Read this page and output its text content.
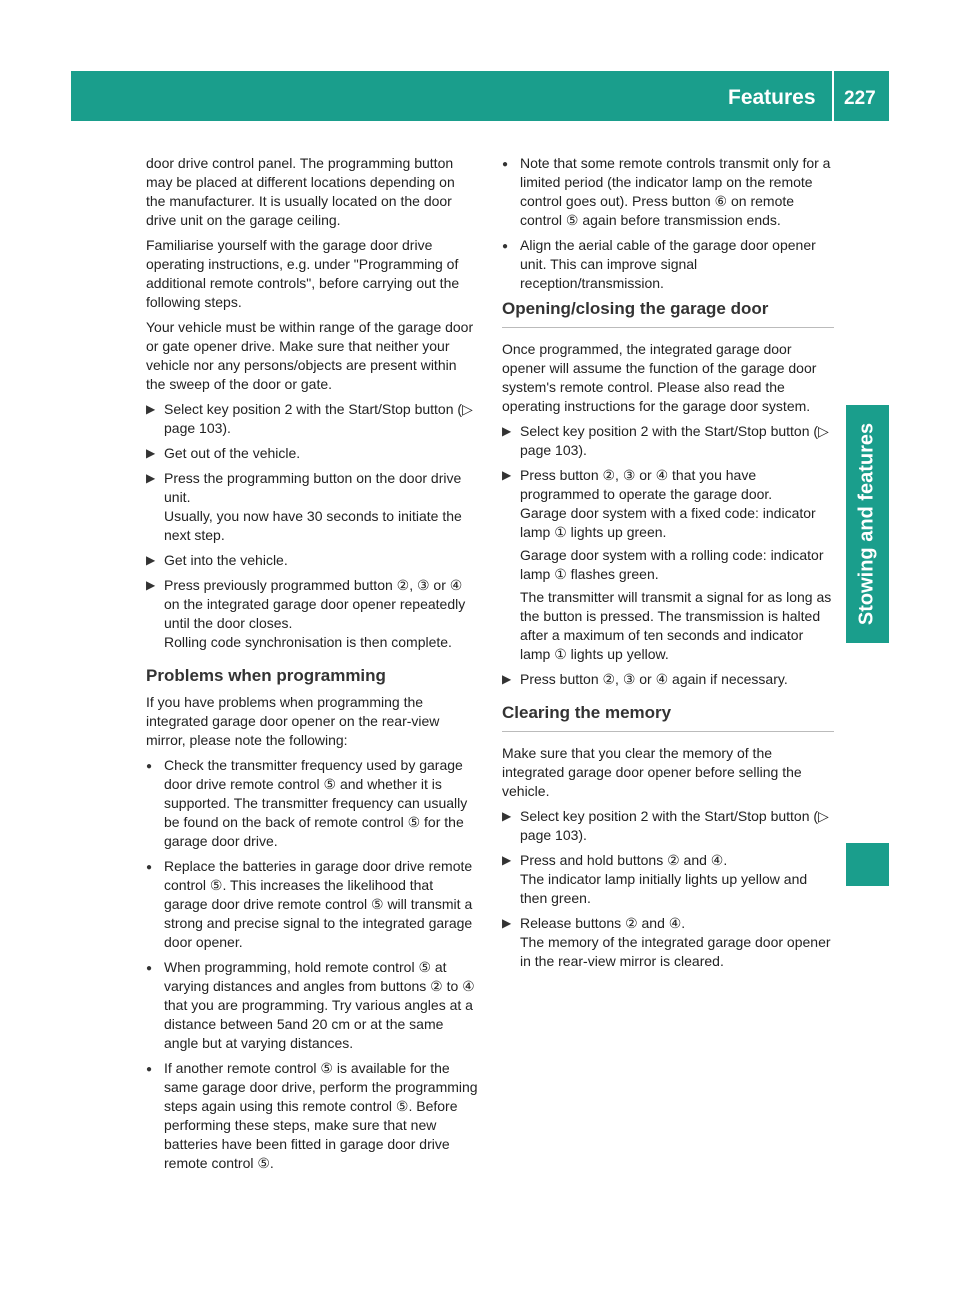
Features 227
Stowing and features

door drive control panel. The programming button may be placed at different locations depending on the manufacturer. It is usually located on the door drive unit on the garage ceiling.

Familiarise yourself with the garage door drive operating instructions, e.g. under "Programming of additional remote controls", before carrying out the following steps.

Your vehicle must be within range of the garage door or gate opener drive. Make sure that neither your vehicle nor any persons/objects are present within the sweep of the door or gate.

▶ Select key position 2 with the Start/Stop button (▷ page 103).
▶ Get out of the vehicle.
▶ Press the programming button on the door drive unit.
Usually, you now have 30 seconds to initiate the next step.
▶ Get into the vehicle.
▶ Press previously programmed button ②, ③ or ④ on the integrated garage door opener repeatedly until the door closes.
Rolling code synchronisation is then complete.
Problems when programming

If you have problems when programming the integrated garage door opener on the rear-view mirror, please note the following:

● Check the transmitter frequency used by garage door drive remote control ⑤ and whether it is supported. The transmitter frequency can usually be found on the back of remote control ⑤ for the garage door drive.
● Replace the batteries in garage door drive remote control ⑤. This increases the likelihood that garage door drive remote control ⑤ will transmit a strong and precise signal to the integrated garage door opener.
● When programming, hold remote control ⑤ at varying distances and angles from buttons ② to ④ that you are programming. Try various angles at a distance between 5and 20 cm or at the same angle but at varying distances.
● If another remote control ⑤ is available for the same garage door drive, perform the programming steps again using this remote control ⑤. Before performing these steps, make sure that new batteries have been fitted in garage door drive remote control ⑤.
● Note that some remote controls transmit only for a limited period (the indicator lamp on the remote control goes out). Press button ⑥ on remote control ⑤ again before transmission ends.
● Align the aerial cable of the garage door opener unit. This can improve signal reception/transmission.
Opening/closing the garage door

Once programmed, the integrated garage door opener will assume the function of the garage door system's remote control. Please also read the operating instructions for the garage door system.

▶ Select key position 2 with the Start/Stop button (▷ page 103).
▶ Press button ②, ③ or ④ that you have programmed to operate the garage door.
Garage door system with a fixed code: indicator lamp ① lights up green.
Garage door system with a rolling code: indicator lamp ① flashes green.
The transmitter will transmit a signal for as long as the button is pressed. The transmission is halted after a maximum of ten seconds and indicator lamp ① lights up yellow.
▶ Press button ②, ③ or ④ again if necessary.
Clearing the memory

Make sure that you clear the memory of the integrated garage door opener before selling the vehicle.

▶ Select key position 2 with the Start/Stop button (▷ page 103).
▶ Press and hold buttons ② and ④.
The indicator lamp initially lights up yellow and then green.
▶ Release buttons ② and ④.
The memory of the integrated garage door opener in the rear-view mirror is cleared.
